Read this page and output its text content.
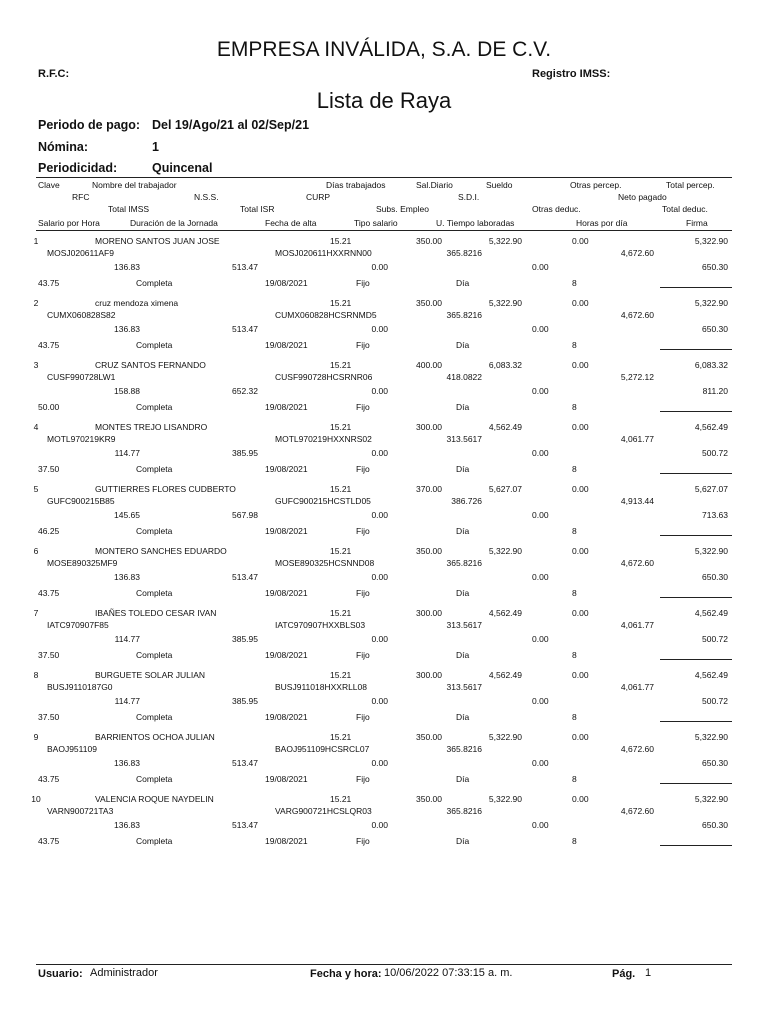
EMPRESA INVÁLIDA, S.A. DE C.V.
R.F.C:	Registro IMSS:
Lista de Raya
Periodo de pago: Del 19/Ago/21 al 02/Sep/21
Nómina:	1
Periodicidad:	Quincenal
Clave	Nombre del trabajador	Días trabajados	Sal.Diario	Sueldo	Otras percep.	Total percep.
RFC	N.S.S.	CURP	S.D.I.	Neto pagado
Total IMSS	Total ISR	Subs. Empleo	Otras deduc.	Total deduc.
Salario por Hora	Duración de la Jornada	Fecha de alta	Tipo salario	U. Tiempo laboradas	Horas por día	Firma
1	MORENO SANTOS JUAN JOSE	15.21	350.00	5,322.90	0.00	5,322.90
MOSJ020611AF9	MOSJ020611HXXRNN00	365.8216	4,672.60
136.83	513.47	0.00	0.00	650.30
43.75	Completa	19/08/2021	Fijo	Día	8
2	cruz mendoza ximena	15.21	350.00	5,322.90	0.00	5,322.90
CUMX060828S82	CUMX060828HCSRNMD5	365.8216	4,672.60
136.83	513.47	0.00	0.00	650.30
43.75	Completa	19/08/2021	Fijo	Día	8
3	CRUZ SANTOS FERNANDO	15.21	400.00	6,083.32	0.00	6,083.32
CUSF990728LW1	CUSF990728HCSRNR06	418.0822	5,272.12
158.88	652.32	0.00	0.00	811.20
50.00	Completa	19/08/2021	Fijo	Día	8
4	MONTES TREJO LISANDRO	15.21	300.00	4,562.49	0.00	4,562.49
MOTL970219KR9	MOTL970219HXXNRS02	313.5617	4,061.77
114.77	385.95	0.00	0.00	500.72
37.50	Completa	19/08/2021	Fijo	Día	8
5	GUTTIERRES FLORES CUDBERTO	15.21	370.00	5,627.07	0.00	5,627.07
GUFC900215B85	GUFC900215HCSTLD05	386.726	4,913.44
145.65	567.98	0.00	0.00	713.63
46.25	Completa	19/08/2021	Fijo	Día	8
6	MONTERO SANCHES EDUARDO	15.21	350.00	5,322.90	0.00	5,322.90
MOSE890325MF9	MOSE890325HCSNND08	365.8216	4,672.60
136.83	513.47	0.00	0.00	650.30
43.75	Completa	19/08/2021	Fijo	Día	8
7	IBAÑES TOLEDO CESAR IVAN	15.21	300.00	4,562.49	0.00	4,562.49
IATC970907F85	IATC970907HXXBLS03	313.5617	4,061.77
114.77	385.95	0.00	0.00	500.72
37.50	Completa	19/08/2021	Fijo	Día	8
8	BURGUETE SOLAR JULIAN	15.21	300.00	4,562.49	0.00	4,562.49
BUSJ9110187G0	BUSJ911018HXXRLL08	313.5617	4,061.77
114.77	385.95	0.00	0.00	500.72
37.50	Completa	19/08/2021	Fijo	Día	8
9	BARRIENTOS OCHOA JULIAN	15.21	350.00	5,322.90	0.00	5,322.90
BAOJ951109	BAOJ951109HCSRCL07	365.8216	4,672.60
136.83	513.47	0.00	0.00	650.30
43.75	Completa	19/08/2021	Fijo	Día	8
10	VALENCIA ROQUE NAYDELIN	15.21	350.00	5,322.90	0.00	5,322.90
VARN900721TA3	VARG900721HCSLQR03	365.8216	4,672.60
136.83	513.47	0.00	0.00	650.30
43.75	Completa	19/08/2021	Fijo	Día	8
Usuario: Administrador	Fecha y hora: 10/06/2022 07:33:15 a. m.	Pág. 1
